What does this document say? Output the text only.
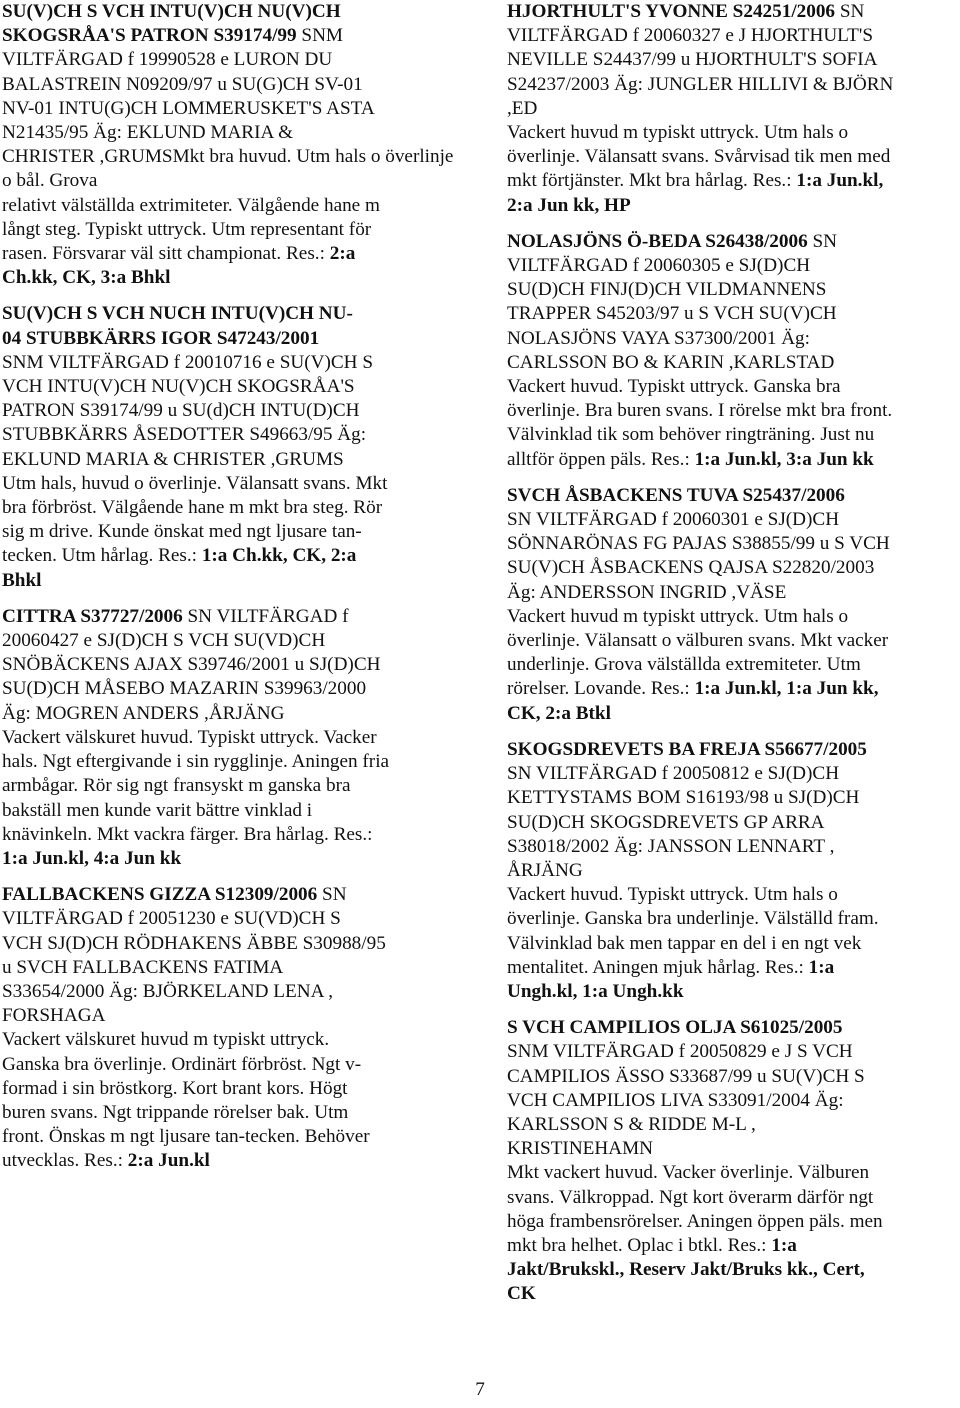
SU(V)CH S VCH INTU(V)CH NU(V)CH
SKOGSRÅA'S PATRON S39174/99 SNM
VILTFÄRGAD f 19990528 e LURON DU
BALASTREIN N09209/97 u SU(G)CH SV-01
NV-01 INTU(G)CH LOMMERUSKET'S ASTA
N21435/95 Äg: EKLUND MARIA &
CHRISTER ,GRUMSMkt bra huvud. Utm hals o överlinje o bål. Grova
relativt välställda extrimiteter. Välgående hane m
långt steg. Typiskt uttryck. Utm representant för
rasen. Försvarar väl sitt championat. Res.: 2:a
Ch.kk, CK, 3:a Bhkl

SU(V)CH S VCH NUCH INTU(V)CH NU-
04 STUBBKÄRRS IGOR S47243/2001
SNM VILTFÄRGAD f 20010716 e SU(V)CH S
VCH INTU(V)CH NU(V)CH SKOGSRÅA'S
PATRON S39174/99 u SU(d)CH INTU(D)CH
STUBBKÄRRS ÅSEDOTTER S49663/95 Äg:
EKLUND MARIA & CHRISTER ,GRUMS
Utm hals, huvud o överlinje. Välansatt svans. Mkt
bra förbröst. Välgående hane m mkt bra steg. Rör
sig m drive. Kunde önskat med ngt ljusare tan-
tecken. Utm hårlag. Res.: 1:a Ch.kk, CK, 2:a
Bhkl

CITTRA S37727/2006 SN VILTFÄRGAD f
20060427 e SJ(D)CH S VCH SU(VD)CH
SNÖBÄCKENS AJAX S39746/2001 u SJ(D)CH
SU(D)CH MÅSEBO MAZARIN S39963/2000
Äg: MOGREN ANDERS ,ÅRJÄNG
Vackert välskuret huvud. Typiskt uttryck. Vacker
hals. Ngt eftergivande i sin rygglinje. Aningen fria
armbågar. Rör sig ngt fransyskt m ganska bra
bakställ men kunde varit bättre vinklad i
knävinkeln. Mkt vackra färger. Bra hårlag. Res.:
1:a Jun.kl, 4:a Jun kk

FALLBACKENS GIZZA S12309/2006 SN
VILTFÄRGAD f 20051230 e SU(VD)CH S
VCH SJ(D)CH RÖDHAKENS ÄBBE S30988/95
u SVCH FALLBACKENS FATIMA
S33654/2000 Äg: BJÖRKELAND LENA ,
FORSHAGA
Vackert välskuret huvud m typiskt uttryck.
Ganska bra överlinje. Ordinärt förbröst. Ngt v-
formad i sin bröstkorg. Kort brant kors. Högt
buren svans. Ngt trippande rörelser bak. Utm
front. Önskas m ngt ljusare tan-tecken. Behöver
utvecklas. Res.: 2:a Jun.kl

HJORTHULT'S YVONNE S24251/2006 SN
VILTFÄRGAD f 20060327 e J HJORTHULT'S
NEVILLE S24437/99 u HJORTHULT'S SOFIA
S24237/2003 Äg: JUNGLER HILLIVI & BJÖRN
,ED
Vackert huvud m typiskt uttryck. Utm hals o
överlinje. Välansatt svans. Svårvisad tik men med
mkt förtjänster. Mkt bra hårlag. Res.: 1:a Jun.kl,
2:a Jun kk, HP

NOLASJÖNS Ö-BEDA S26438/2006 SN
VILTFÄRGAD f 20060305 e SJ(D)CH
SU(D)CH FINJ(D)CH VILDMANNENS
TRAPPER S45203/97 u S VCH SU(V)CH
NOLASJÖNS VAYA S37300/2001 Äg:
CARLSSON BO & KARIN ,KARLSTAD
Vackert huvud. Typiskt uttryck. Ganska bra
överlinje. Bra buren svans. I rörelse mkt bra front.
Välvinklad tik som behöver ringträning. Just nu
alltför öppen päls. Res.: 1:a Jun.kl, 3:a Jun kk

SVCH ÅSBACKENS TUVA S25437/2006
SN VILTFÄRGAD f 20060301 e SJ(D)CH
SÖNNARÖNAS FG PAJAS S38855/99 u S VCH
SU(V)CH ÅSBACKENS QAJSA S22820/2003
Äg: ANDERSSON INGRID ,VÄSE
Vackert huvud m typiskt uttryck. Utm hals o
överlinje. Välansatt o välburen svans. Mkt vacker
underlinje. Grova välställda extremiteter. Utm
rörelser. Lovande. Res.: 1:a Jun.kl, 1:a Jun kk,
CK, 2:a Btkl

SKOGSDREVETS BA FREJA S56677/2005
SN VILTFÄRGAD f 20050812 e SJ(D)CH
KETTYSTAMS BOM S16193/98 u SJ(D)CH
SU(D)CH SKOGSDREVETS GP ARRA
S38018/2002 Äg: JANSSON LENNART ,
ÅRJÄNG
Vackert huvud. Typiskt uttryck. Utm hals o
överlinje. Ganska bra underlinje. Välställd fram.
Välvinklad bak men tappar en del i en ngt vek
mentalitet. Aningen mjuk hårlag. Res.: 1:a
Ungh.kl, 1:a Ungh.kk

S VCH CAMPILIOS OLJA S61025/2005
SNM VILTFÄRGAD f 20050829 e J S VCH
CAMPILIOS ÄSSO S33687/99 u SU(V)CH S
VCH CAMPILIOS LIVA S33091/2004 Äg:
KARLSSON S & RIDDE M-L ,
KRISTINEHAMN
Mkt vackert huvud. Vacker överlinje. Välburen
svans. Välkroppad. Ngt kort överarm därför ngt
höga frambensrörelser. Aningen öppen päls. men
mkt bra helhet. Oplac i btkl. Res.: 1:a
Jakt/Brukskl., Reserv Jakt/Bruks kk., Cert,
CK

7
